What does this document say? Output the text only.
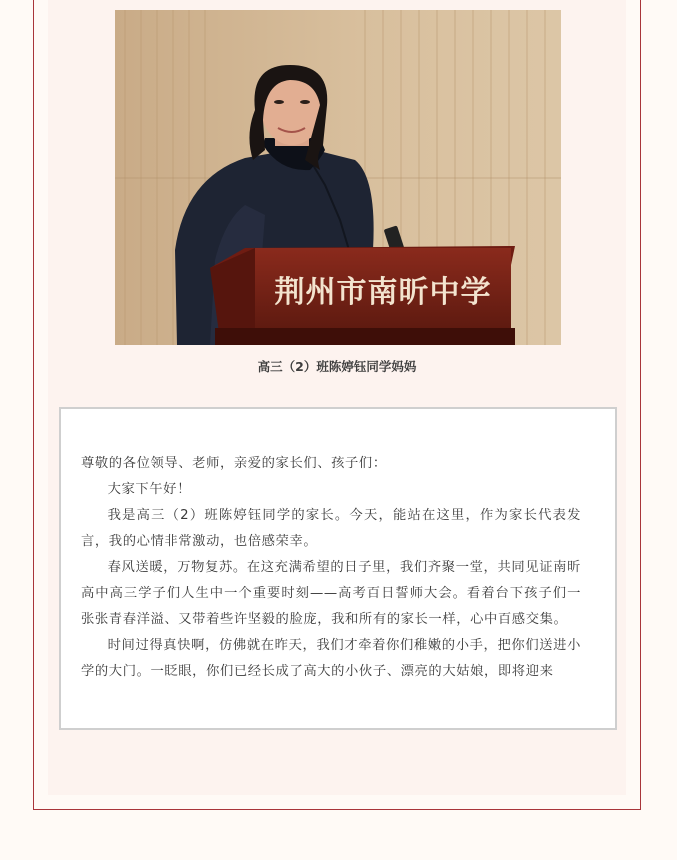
荆州市南昕中学
高三（2）班陈婷钰同学妈妈

尊敬的各位领导、老师，亲爱的家长们、孩子们：

大家下午好！

我是高三（2）班陈婷钰同学的家长。今天，能站在这里，作为家长代表发言，我的心情非常激动，也倍感荣幸。

春风送暖，万物复苏。在这充满希望的日子里，我们齐聚一堂，共同见证南昕高中高三学子们人生中一个重要时刻——高考百日誓师大会。看着台下孩子们一张张青春洋溢、又带着些许坚毅的脸庞，我和所有的家长一样，心中百感交集。

时间过得真快啊，仿佛就在昨天，我们才牵着你们稚嫩的小手，把你们送进小学的大门。一眨眼，你们已经长成了高大的小伙子、漂亮的大姑娘，即将迎来
